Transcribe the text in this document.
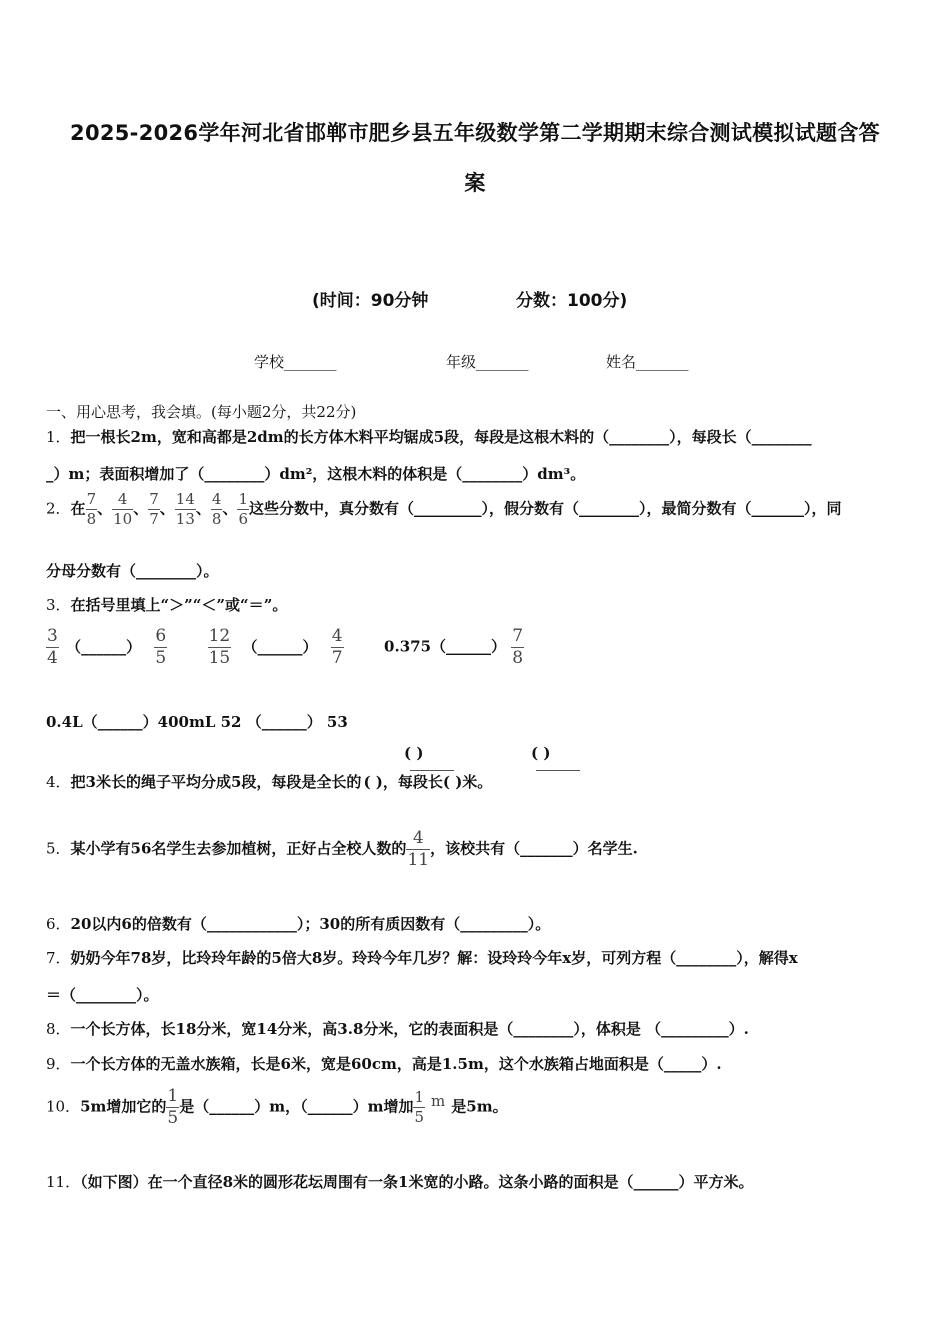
2025-2026学年河北省邯郸市肥乡县五年级数学第二学期期末综合测试模拟试题含答
案
(时间：90分钟	分数：100分)
学校_______	年级_______	姓名_______
一、用心思考，我会填。(每小题2分，共22分)
1．把一根长2m，宽和高都是2dm的长方体木料平均锯成5段，每段是这根木料的（________），每段长（________
_）m；表面积增加了（________）dm²，这根木料的体积是（________）dm³。
2．在 $\frac{7}{8}$ 、 $\frac{4}{10}$ 、 $\frac{7}{7}$ 、 $\frac{14}{13}$ 、 $\frac{4}{8}$ 、 $\frac{1}{6}$ 这些分数中，真分数有（_________），假分数有（________），最简分数有（_______），同
分母分数有（________）。
3．在括号里填上“＞”“＜”或“＝”。
$\frac{3}{4}$ （______） $\frac{6}{5}$
$\frac{12}{15}$ （______） $\frac{4}{7}$	0.375（______） $\frac{7}{8}$
0.4L（______）400mL 52 （______） 53
( )	( )
4．把3米长的绳子平均分成5段，每段是全长的 ( )，每段长( )米。
5．某小学有56名学生去参加植树，正好占全校人数的 $\frac{4}{11}$ ，该校共有（_______）名学生.
6．20以内6的倍数有（____________）；30的所有质因数有（_________）。
7．奶奶今年78岁，比玲玲年龄的5倍大8岁。玲玲今年几岁？解：设玲玲今年x岁，可列方程（________），解得x
＝（________）。
8．一个长方体，长18分米，宽14分米，高3.8分米，它的表面积是（________），体积是 （_________）.
9．一个长方体的无盖水族箱，长是6米，宽是60cm，高是1.5m，这个水族箱占地面积是（_____）.
10．5m增加它的 $\frac{1}{5}$ 是（______）m，（______）m增加 $\frac{1}{5}$ m 是5m。
11．（如下图）在一个直径8米的圆形花坛周围有一条1米宽的小路。这条小路的面积是（______）平方米。
